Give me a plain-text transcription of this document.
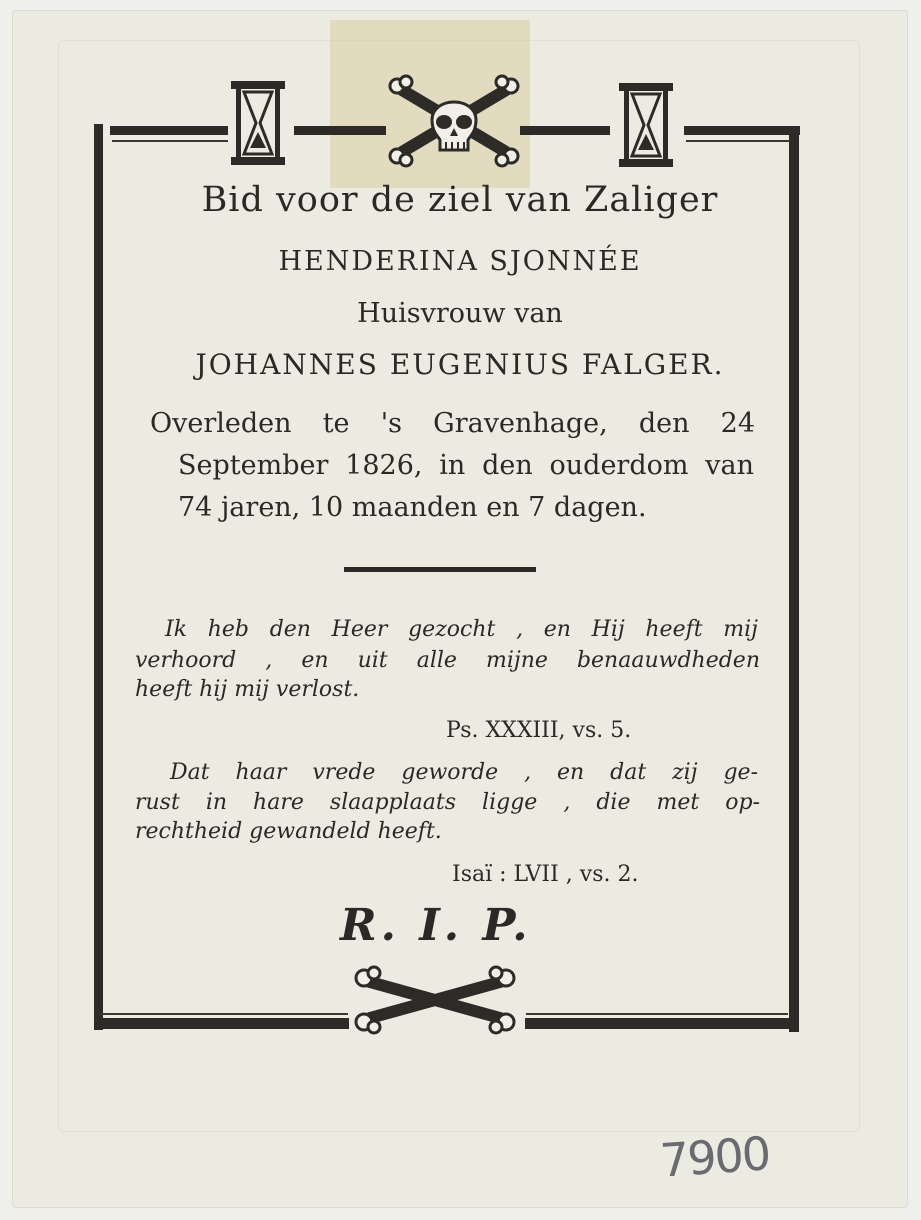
Bid voor de ziel van Zaliger

HENDERINA SJONNÉE

Huisvrouw van

JOHANNES EUGENIUS FALGER.

Overleden te 's Gravenhage, den 24

September 1826, in den ouderdom van

74 jaren, 10 maanden en 7 dagen.

Ik heb den Heer gezocht , en Hij heeft mij

verhoord , en uit alle mijne benaauwdheden

heeft hij mij verlost.

Ps. XXXIII, vs. 5.

Dat haar vrede geworde , en dat zij ge-

rust in hare slaapplaats ligge , die met op-

rechtheid gewandeld heeft.

Isaï : LVII , vs. 2.

R. I. P.

7900
